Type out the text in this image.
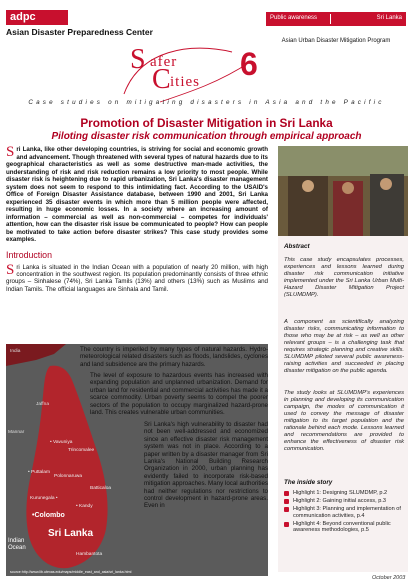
adpc
Asian Disaster Preparedness Center
Public awareness	Sri Lanka
Asian Urban Disaster Mitigation Program
S afer
C ities 6
Case studies on mitigating disasters in Asia and the Pacific
Promotion of Disaster Mitigation in Sri Lanka
Piloting disaster risk communication through empirical approach

Sri Lanka, like other developing countries, is striving for social and economic growth and advancement. Though threatened with several types of natural hazards due to its geographical characteristics as well as some destructive man-made activities, the understanding of risk and risk reduction remains a low priority to most people. While disaster risk is heightening due to rapid urbanization, Sri Lanka's disaster management system does not seem to respond to this intimidating fact. According to the USAID's Office of Foreign Disaster Assistance database, between 1990 and 2001, Sri Lanka experienced 35 disaster events in which more than 5 million people were affected, resulting in huge economic losses. In a society where an increasing amount of information – commercial as well as non-commercial – competes for individuals' attention, how can the disaster risk issue be communicated to people? How can people be motivated to take action before disaster strikes? This case study provides some examples.

Introduction

Sri Lanka is situated in the Indian Ocean with a population of nearly 20 million, with high concentration in the southwest region. Its population predominantly consists of three ethnic groups – Sinhalese (74%), Sri Lanka Tamils (13%) and others (13%) such as Muslims and Indian Tamils. The official languages are Sinhala and Tamil.

India
Jaffna
Mannar
• Vavuniya
Trincomalee
• Puttalam
Polonnaruwa
Batticaloa
Kurunegala •
• Kandy
•Colombo
Sri Lanka
Indian Ocean
Hambantota
source:http://www.lib.utexas.edu/maps/middle_east_and_asia/sri_lanka.html

The country is imperiled by many types of natural hazards. Hydro-meteorological related disasters such as floods, landslides, cyclones and land subsidence are the primary hazards.

The level of exposure to hazardous events has increased with expanding population and unplanned urbanization. Demand for urban land for residential and commercial activities has made it a scarce commodity. Urban poverty seems to compel the poorer sectors of the population to occupy marginalized hazard-prone land. This creates vulnerable urban communities.

Sri Lanka's high vulnerability to disaster had not been well-addressed and economized since an effective disaster risk management system was not in place. According to a paper written by a disaster manager from Sri Lanka's National Building Research Organization in 2000, urban planning has evidently failed to incorporate risk-based mitigation approaches. Many local authorities had neither regulations nor restrictions to control development in hazard-prone areas. Even in

Abstract

This case study encapsulates processes, experiences and lessons learned during disaster risk communication initiative implemented under the Sri Lanka Urban Multi-Hazard Disaster Mitigation Project (SLUMDMP).

A component as scientifically analyzing disaster risks, communicating information to those who may be at risk – as well as other relevant groups – is a challenging task that requires strategic planning and creative skills. SLUMDMP piloted several public awareness-raising activities and succeeded in placing disaster mitigation on the public agenda.

The study looks at SLUMDMP's experiences in planning and developing its communication campaign, the modes of communication it used to convey the message of disaster mitigation to its target population and the rationale behind each mode. Lessons learned and recommendations are provided to enhance the effectiveness of disaster risk communication.

The inside story
Highlight 1: Designing SLUMDMP, p.2
Highlight 2: Gaining initial access, p.3
Highlight 3: Planning and implementation of communication activities, p.4
Highlight 4: Beyond conventional public awareness methodologies, p.5
October 2003
